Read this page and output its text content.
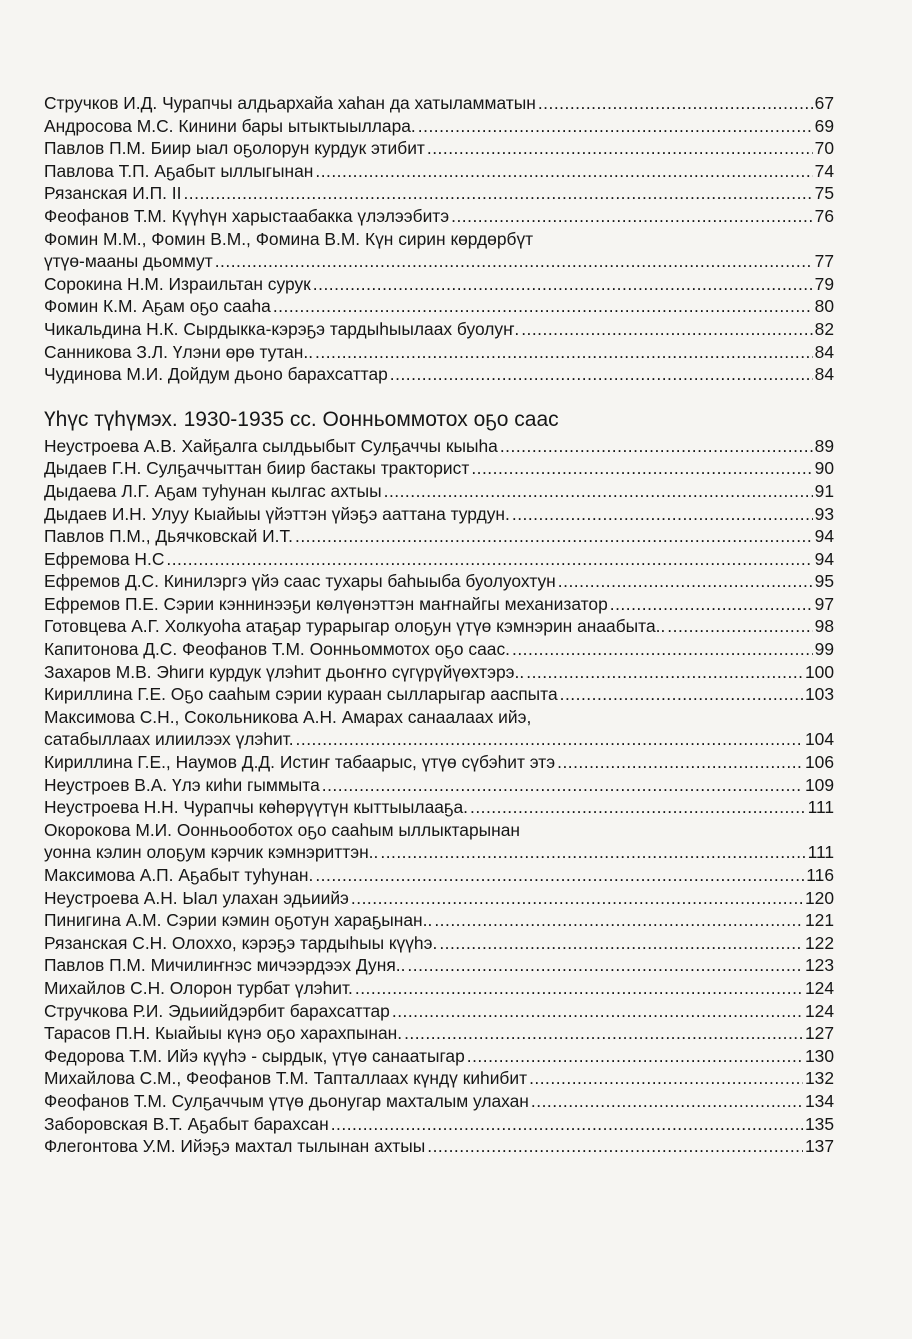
Стручков И.Д. Чурапчы алдьархайа хаһан да хатыламматын .....	67
Андросова М.С. Кинини бары ытыктыыллара. .....	69
Павлов П.М. Биир ыал оҕолорун курдук этибит .....	70
Павлова Т.П. Аҕабыт ыллыгынан .....	74
Рязанская И.П. II .....	75
Феофанов Т.М. Күүһүн харыстаабакка үлэлээбитэ .....	76
Фомин М.М., Фомин В.М., Фомина В.М. Күн сирин көрдөрбүт
үтүө-мааны дьоммут .....	77
Сорокина Н.М. Израильтан сурук .....	79
Фомин К.М. Аҕам оҕо сааһа .....	80
Чикальдина Н.К. Сырдыкка-кэрэҕэ тардыһыылаах буолуҥ. .....	82
Санникова З.Л. Үлэни өрө тутан.. .....	84
Чудинова М.И. Дойдум дьоно барахсаттар .....	84
Үһүс түһүмэх. 1930-1935 сс. Оонньоммотох оҕо саас
Неустроева А.В. Хайҕалга сылдьыбыт Сулҕаччы кыыһа .....	89
Дыдаев Г.Н. Сулҕаччыттан биир бастакы тракторист .....	90
Дыдаева Л.Г. Аҕам туһунан кылгас ахтыы .....	91
Дыдаев И.Н. Улуу Кыайыы үйэттэн үйэҕэ ааттана турдун. .....	93
Павлов П.М., Дьячковскай И.Т. .....	94
Ефремова Н.С .....	94
Ефремов Д.С. Кинилэргэ үйэ саас тухары баһыыба буолуохтун .....	95
Ефремов П.Е. Сэрии кэннинээҕи көлүөнэттэн маҥнайгы механизатор .....	97
Готовцева А.Г. Холкуоһа атаҕар турарыгар олоҕун үтүө кэмнэрин анаабыта.. .....	98
Капитонова Д.С. Феофанов Т.М. Оонньоммотох оҕо саас. .....	99
Захаров М.В. Эһиги курдук үлэһит дьоҥҥо сүгүрүйүөхтэрэ.. .....	100
Кириллина Г.Е. Оҕо сааһым сэрии кураан сылларыгар ааспыта .....	103
Максимова С.Н., Сокольникова А.Н. Амарах санаалаах ийэ,
сатабыллаах илиилээх үлэһит. .....	104
Кириллина Г.Е., Наумов Д.Д. Истиҥ табаарыс, үтүө сүбэһит этэ .....	106
Неустроев В.А. Үлэ киһи гыммыта .....	109
Неустроева Н.Н. Чурапчы көһөрүүтүн кыттыылааҕа. .....	111
Окорокова М.И. Оонньооботох оҕо сааһым ыллыктарынан
уонна кэлин олоҕум кэрчик кэмнэриттэн.. .....	111
Максимова А.П. Аҕабыт туһунан. .....	116
Неустроева А.Н. Ыал улахан эдьиийэ .....	120
Пинигина А.М. Сэрии кэмин оҕотун хараҕынан.. .....	121
Рязанская С.Н. Олоххо, кэрэҕэ тардыһыы күүһэ. .....	122
Павлов П.М. Мичилиҥнэс мичээрдээх Дуня.. .....	123
Михайлов С.Н. Олорон турбат үлэһит. .....	124
Стручкова Р.И. Эдьиийдэрбит барахсаттар .....	124
Тарасов П.Н. Кыайыы күнэ оҕо харахпынан. .....	127
Федорова Т.М. Ийэ күүһэ - сырдык, үтүө санаатыгар .....	130
Михайлова С.М., Феофанов Т.М. Тапталлаах күндү киһибит .....	132
Феофанов Т.М. Сулҕаччым үтүө дьонугар махталым улахан .....	134
Заборовская В.Т. Аҕабыт барахсан .....	135
Флегонтова У.М. Ийэҕэ махтал тылынан ахтыы .....	137
